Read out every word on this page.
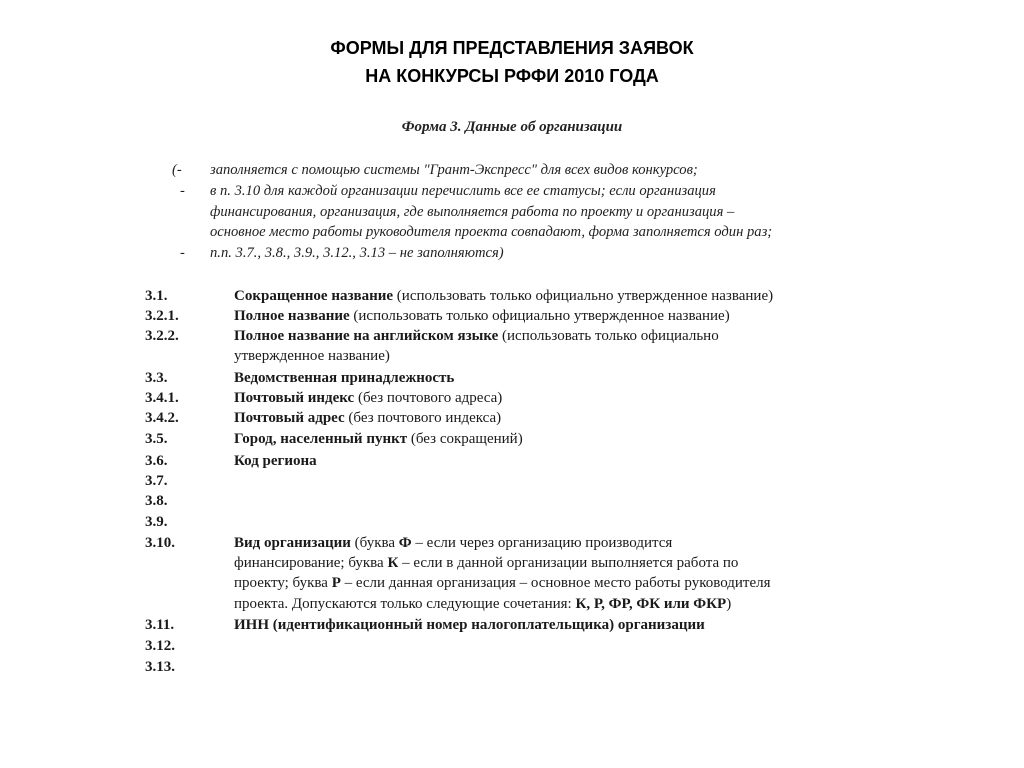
ФОРМЫ ДЛЯ ПРЕДСТАВЛЕНИЯ ЗАЯВОК
НА КОНКУРСЫ РФФИ 2010 ГОДА
Форма 3. Данные об организации
(-	заполняется с помощью системы "Грант-Экспресс" для всех видов конкурсов;
-	в п. 3.10 для каждой организации перечислить все ее статусы; если организация
финансирования, организация, где выполняется работа по проекту и организация –
основное место работы руководителя проекта совпадают, форма заполняется один раз;
-	п.п. 3.7., 3.8., 3.9., 3.12., 3.13 – не заполняются)
3.1.	Сокращенное название (использовать только официально утвержденное название)
3.2.1.	Полное название (использовать только официально утвержденное название)
3.2.2.	Полное название на английском языке (использовать только официально
утвержденное название)
3.3.	Ведомственная принадлежность
3.4.1.	Почтовый индекс (без почтового адреса)
3.4.2.	Почтовый адрес (без почтового индекса)
3.5.	Город, населенный пункт (без сокращений)
3.6.	Код региона
3.7.
3.8.
3.9.
3.10.	Вид организации (буква Ф – если через организацию производится
финансирование; буква К – если в данной организации выполняется работа по
проекту; буква Р – если данная организация – основное место работы руководителя
проекта. Допускаются только следующие сочетания: К, Р, ФР, ФК или ФКР)
3.11.	ИНН (идентификационный номер налогоплательщика) организации
3.12.
3.13.
